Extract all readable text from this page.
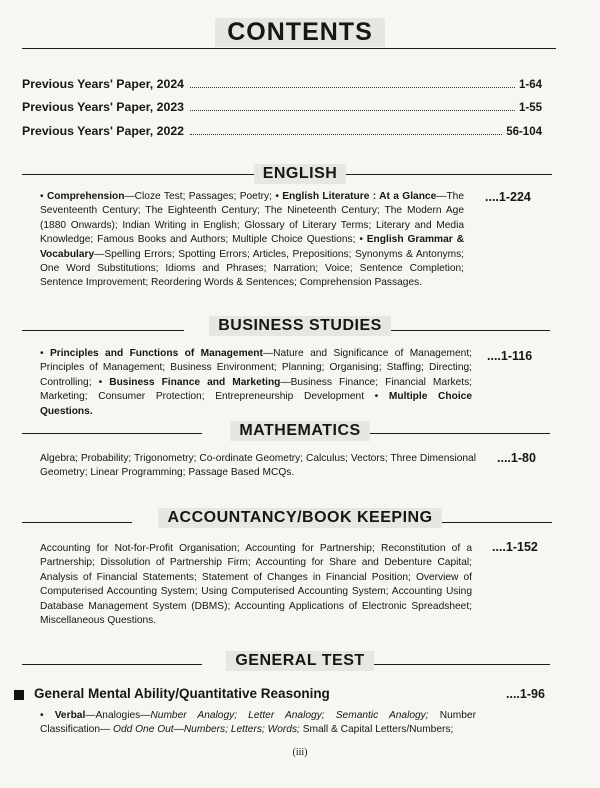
CONTENTS
Previous Years' Paper, 2024	1-64
Previous Years' Paper, 2023	1-55
Previous Years' Paper, 2022	56-104
ENGLISH
• Comprehension—Cloze Test; Passages; Poetry; • English Literature : At a Glance—The Seventeenth Century; The Eighteenth Century; The Nineteenth Century; The Modern Age (1880 Onwards); Indian Writing in English; Glossary of Literary Terms; Literary and Media Knowledge; Famous Books and Authors; Multiple Choice Questions; • English Grammar & Vocabulary—Spelling Errors; Spotting Errors; Articles, Prepositions; Synonyms & Antonyms; One Word Substitutions; Idioms and Phrases; Narration; Voice; Sentence Completion; Sentence Improvement; Reordering Words & Sentences; Comprehension Passages.
....1-224
BUSINESS STUDIES
• Principles and Functions of Management—Nature and Significance of Management; Principles of Management; Business Environment; Planning; Organising; Staffing; Directing; Controlling; • Business Finance and Marketing—Business Finance; Financial Markets; Marketing; Consumer Protection; Entrepreneurship Development • Multiple Choice Questions.
....1-116
MATHEMATICS
Algebra; Probability; Trigonometry; Co-ordinate Geometry; Calculus; Vectors; Three Dimensional Geometry; Linear Programming; Passage Based MCQs.
....1-80
ACCOUNTANCY/BOOK KEEPING
Accounting for Not-for-Profit Organisation; Accounting for Partnership; Reconstitution of a Partnership; Dissolution of Partnership Firm; Accounting for Share and Debenture Capital; Analysis of Financial Statements; Statement of Changes in Financial Position; Overview of Computerised Accounting System; Using Computerised Accounting System; Accounting Using Database Management System (DBMS); Accounting Applications of Electronic Spreadsheet; Miscellaneous Questions.
....1-152
GENERAL TEST
General Mental Ability/Quantitative Reasoning	....1-96
• Verbal—Analogies—Number Analogy; Letter Analogy; Semantic Analogy; Number Classification— Odd One Out—Numbers; Letters; Words; Small & Capital Letters/Numbers;
(iii)
